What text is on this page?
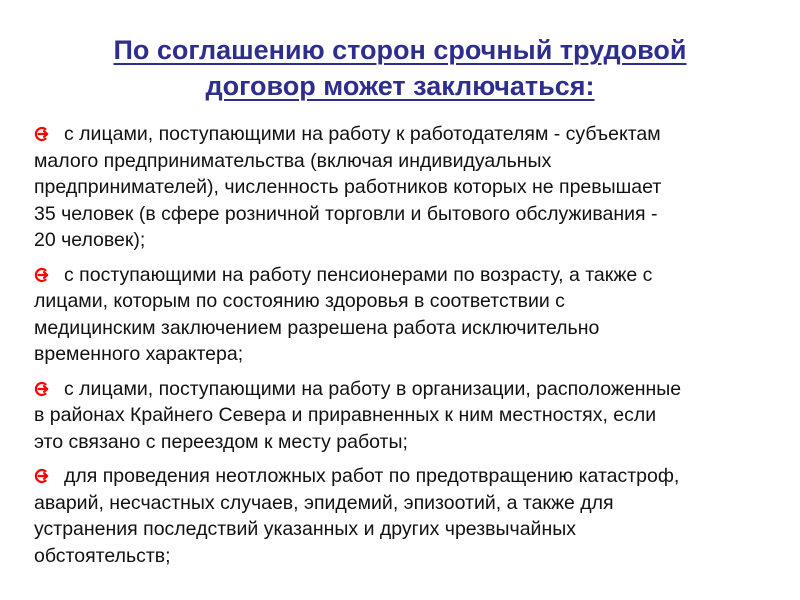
По соглашению сторон срочный трудовой
договор может заключаться:
с лицами, поступающими на работу к работодателям - субъектам
малого предпринимательства (включая индивидуальных
предпринимателей), численность работников которых не превышает
35 человек (в сфере розничной торговли и бытового обслуживания -
20 человек);
с поступающими на работу пенсионерами по возрасту, а также с
лицами, которым по состоянию здоровья в соответствии с
медицинским заключением разрешена работа исключительно
временного характера;
с лицами, поступающими на работу в организации, расположенные
в районах Крайнего Севера и приравненных к ним местностях, если
это связано с переездом к месту работы;
для проведения неотложных работ по предотвращению катастроф,
аварий, несчастных случаев, эпидемий, эпизоотий, а также для
устранения последствий указанных и других чрезвычайных
обстоятельств;
